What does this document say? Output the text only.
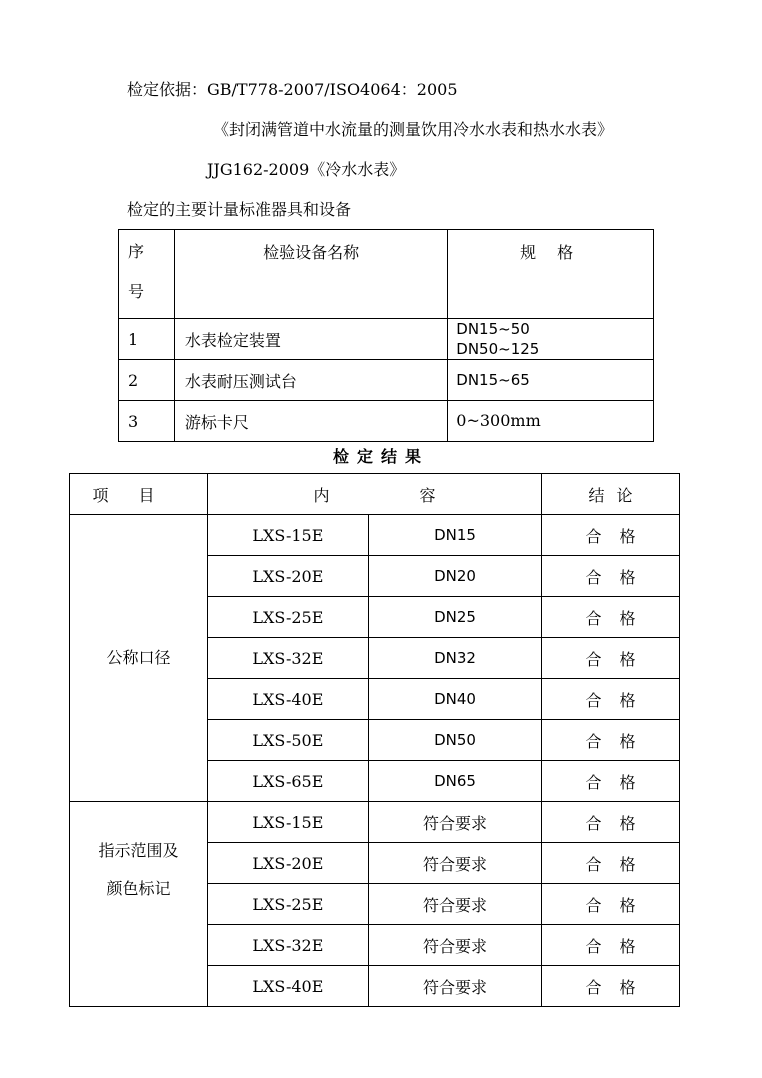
检定依据：GB/T778-2007/ISO4064：2005
《封闭满管道中水流量的测量饮用冷水水表和热水水表》
JJG162-2009《冷水水表》
检定的主要计量标准器具和设备
序
号	检验设备名称	规 格
1	水表检定装置	DN15~50
DN50~125

2	水表耐压测试台	DN15~65

3	游标卡尺	0~300mm
检定结果
项目	内容		结论
公称口径	LXS-15E	DN15	合格
	LXS-20E	DN20	合格
	LXS-25E	DN25	合格
	LXS-32E	DN32	合格
	LXS-40E	DN40	合格
	LXS-50E	DN50	合格
	LXS-65E	DN65	合格
指示范围及
颜色标记	LXS-15E	符合要求	合格
	LXS-20E	符合要求	合格
	LXS-25E	符合要求	合格
	LXS-32E	符合要求	合格
	LXS-40E	符合要求	合格
